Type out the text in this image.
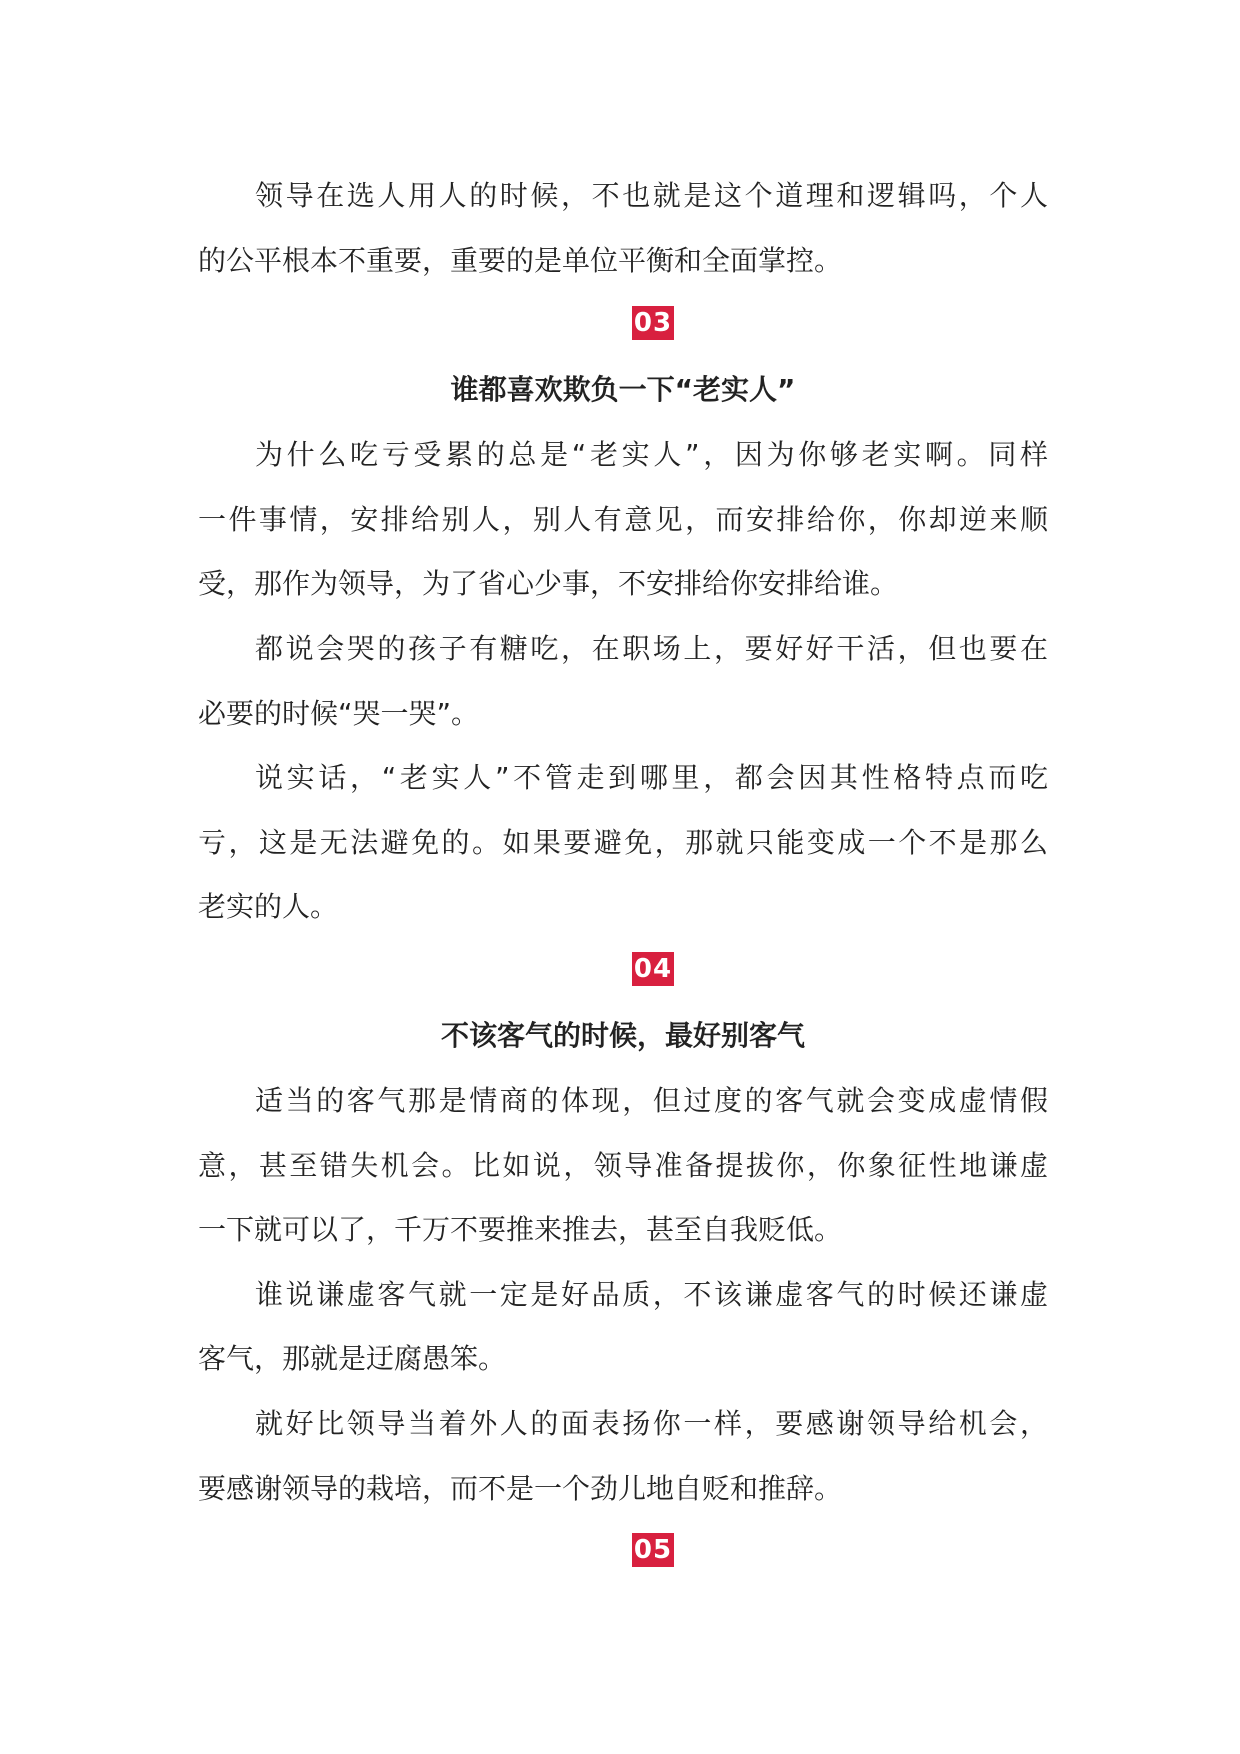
领导在选人用人的时候，不也就是这个道理和逻辑吗，个人
的公平根本不重要，重要的是单位平衡和全面掌控。
03
谁都喜欢欺负一下“老实人”
为什么吃亏受累的总是“老实人”，因为你够老实啊。同样
一件事情，安排给别人，别人有意见，而安排给你，你却逆来顺
受，那作为领导，为了省心少事，不安排给你安排给谁。
都说会哭的孩子有糖吃，在职场上，要好好干活，但也要在
必要的时候“哭一哭”。
说实话，“老实人”不管走到哪里，都会因其性格特点而吃
亏，这是无法避免的。如果要避免，那就只能变成一个不是那么
老实的人。
04
不该客气的时候，最好别客气
适当的客气那是情商的体现，但过度的客气就会变成虚情假
意，甚至错失机会。比如说，领导准备提拔你，你象征性地谦虚
一下就可以了，千万不要推来推去，甚至自我贬低。
谁说谦虚客气就一定是好品质，不该谦虚客气的时候还谦虚
客气，那就是迂腐愚笨。
就好比领导当着外人的面表扬你一样，要感谢领导给机会，
要感谢领导的栽培，而不是一个劲儿地自贬和推辞。
05
